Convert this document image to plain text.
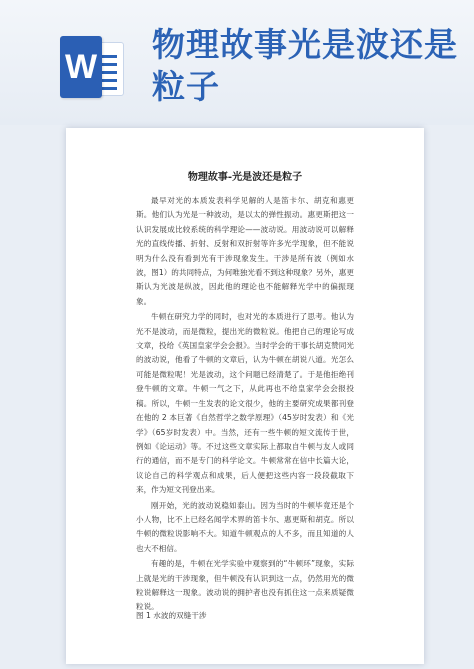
W
物理故事光是波还是粒子
物理故事-光是波还是粒子

最早对光的本质发表科学见解的人是笛卡尔、胡克和惠更斯。他们认为光是一种波动，是以太的弹性振动。惠更斯把这一认识发展成比较系统的科学理论——波动说。用波动说可以解释光的直线传播、折射、反射和双折射等许多光学现象，但不能说明为什么没有看到光有干涉现象发生。干涉是所有波（例如水波，图1）的共同特点，为何唯独光看不到这种现象？另外，惠更斯认为光波是纵波，因此他的理论也不能解释光学中的偏振现象。

牛顿在研究力学的同时，也对光的本质进行了思考。他认为光不是波动，而是微粒，提出光的微粒说。他把自己的理论写成文章，投给《英国皇家学会会报》。当时学会的干事长胡克赞同光的波动说，他看了牛顿的文章后，认为牛顿在胡说八道。光怎么可能是微粒呢！光是波动，这个问题已经清楚了。于是他拒绝刊登牛顿的文章。牛顿一气之下，从此再也不给皇家学会会报投稿。所以，牛顿一生发表的论文很少，他的主要研究成果都刊登在他的 2 本巨著《自然哲学之数学原理》（45岁时发表）和《光学》（65岁时发表）中。当然，还有一些牛顿的短文流传于世，例如《论运动》等。不过这些文章实际上都取自牛顿与友人或同行的通信，而不是专门的科学论文。牛顿常常在信中长篇大论，议论自己的科学观点和成果，后人便把这些内容一段段截取下来，作为短文刊登出来。

刚开始，光的波动说稳如泰山。因为当时的牛顿毕竟还是个小人物，比不上已经名闻学术界的笛卡尔、惠更斯和胡克。所以牛顿的微粒说影响不大。知道牛顿观点的人不多，而且知道的人也大不相信。

有趣的是，牛顿在光学实验中观察到的“牛顿环”现象，实际上就是光的干涉现象，但牛顿没有认识到这一点，仍然用光的微粒说解释这一现象。波动说的拥护者也没有抓住这一点来质疑微粒说。

图 1 水波的双缝干涉
